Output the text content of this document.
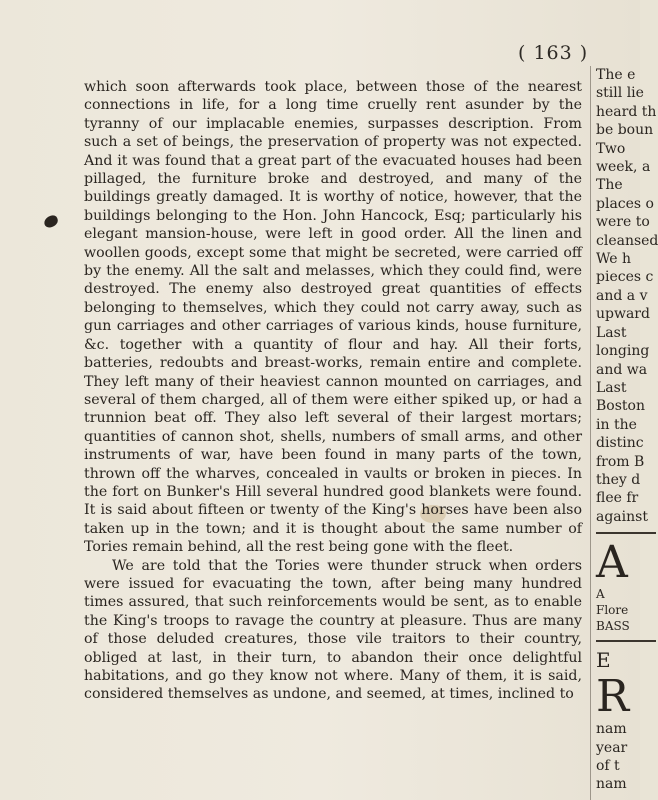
( 163 )

which soon afterwards took place, between those of the nearest connections in life, for a long time cruelly rent asunder by the tyranny of our implacable enemies, surpasses description. From such a set of beings, the preservation of property was not expected. And it was found that a great part of the evacuated houses had been pillaged, the furniture broke and destroyed, and many of the buildings greatly damaged. It is worthy of notice, however, that the buildings belonging to the Hon. John Hancock, Esq; particularly his elegant mansion-house, were left in good order. All the linen and woollen goods, except some that might be secreted, were carried off by the enemy. All the salt and melasses, which they could find, were destroyed. The enemy also destroyed great quantities of effects belonging to themselves, which they could not carry away, such as gun carriages and other carriages of various kinds, house furniture, &c. together with a quantity of flour and hay. All their forts, batteries, redoubts and breast-works, remain entire and complete. They left many of their heaviest cannon mounted on carriages, and several of them charged, all of them were either spiked up, or had a trunnion beat off. They also left several of their largest mortars; quantities of cannon shot, shells, numbers of small arms, and other instruments of war, have been found in many parts of the town, thrown off the wharves, concealed in vaults or broken in pieces. In the fort on Bunker's Hill several hundred good blankets were found. It is said about fifteen or twenty of the King's horses have been also taken up in the town; and it is thought about the same number of Tories remain behind, all the rest being gone with the fleet.

We are told that the Tories were thunder struck when orders were issued for evacuating the town, after being many hundred times assured, that such reinforcements would be sent, as to enable the King's troops to ravage the country at pleasure. Thus are many of those deluded creatures, those vile traitors to their country, obliged at last, in their turn, to abandon their once delightful habitations, and go they know not where. Many of them, it is said, considered themselves as undone, and seemed, at times, inclined to

The e
still lie
heard th
be boun
Two
week, a
The
places o
were to
cleansed
We h
pieces c
and a v
upward
Last
longing
and wa
Last
Boston
in the
distinc
from B
they d
flee fr
against
A
A
Flore
BASS
E
R
nam
year
of t
nam
